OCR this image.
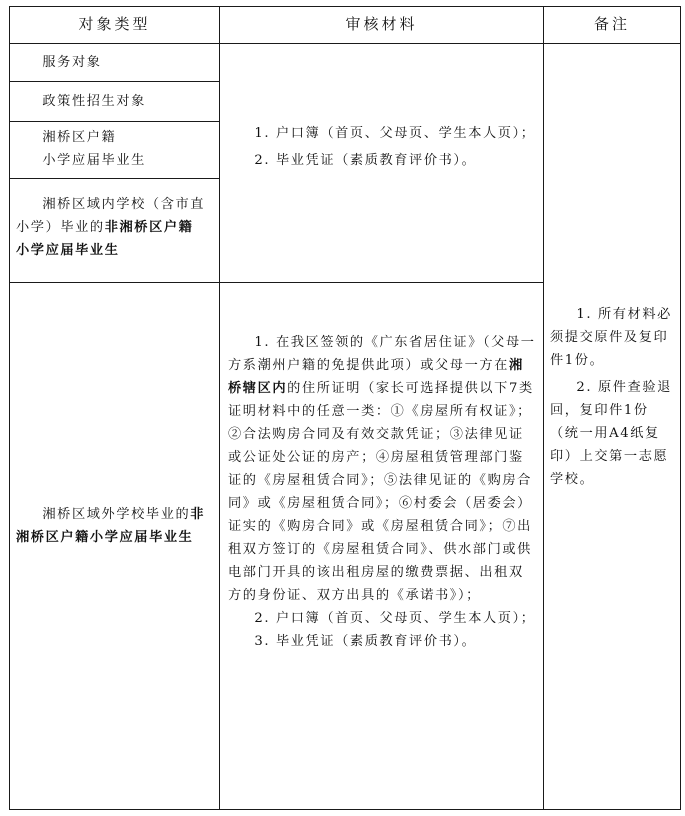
对象类型	审核材料	备注

服务对象

政策性招生对象

湘桥区户籍

小学应届毕业生

湘桥区域内学校（含市直小学）毕业的非湘桥区户籍小学应届毕业生

湘桥区域外学校毕业的非湘桥区户籍小学应届毕业生

1. 户口簿（首页、父母页、学生本人页）；

2. 毕业凭证（素质教育评价书）。

1. 在我区签领的《广东省居住证》（父母一方系潮州户籍的免提供此项）或父母一方在湘桥辖区内的住所证明（家长可选择提供以下7类证明材料中的任意一类：①《房屋所有权证》；②合法购房合同及有效交款凭证；③法律见证或公证处公证的房产；④房屋租赁管理部门鉴证的《房屋租赁合同》；⑤法律见证的《购房合同》或《房屋租赁合同》；⑥村委会（居委会）证实的《购房合同》或《房屋租赁合同》；⑦出租双方签订的《房屋租赁合同》、供水部门或供电部门开具的该出租房屋的缴费票据、出租双方的身份证、双方出具的《承诺书》）；

2. 户口簿（首页、父母页、学生本人页）；

3. 毕业凭证（素质教育评价书）。

1. 所有材料必须提交原件及复印件1份。

2. 原件查验退回，复印件1份（统一用A4纸复印）上交第一志愿学校。
